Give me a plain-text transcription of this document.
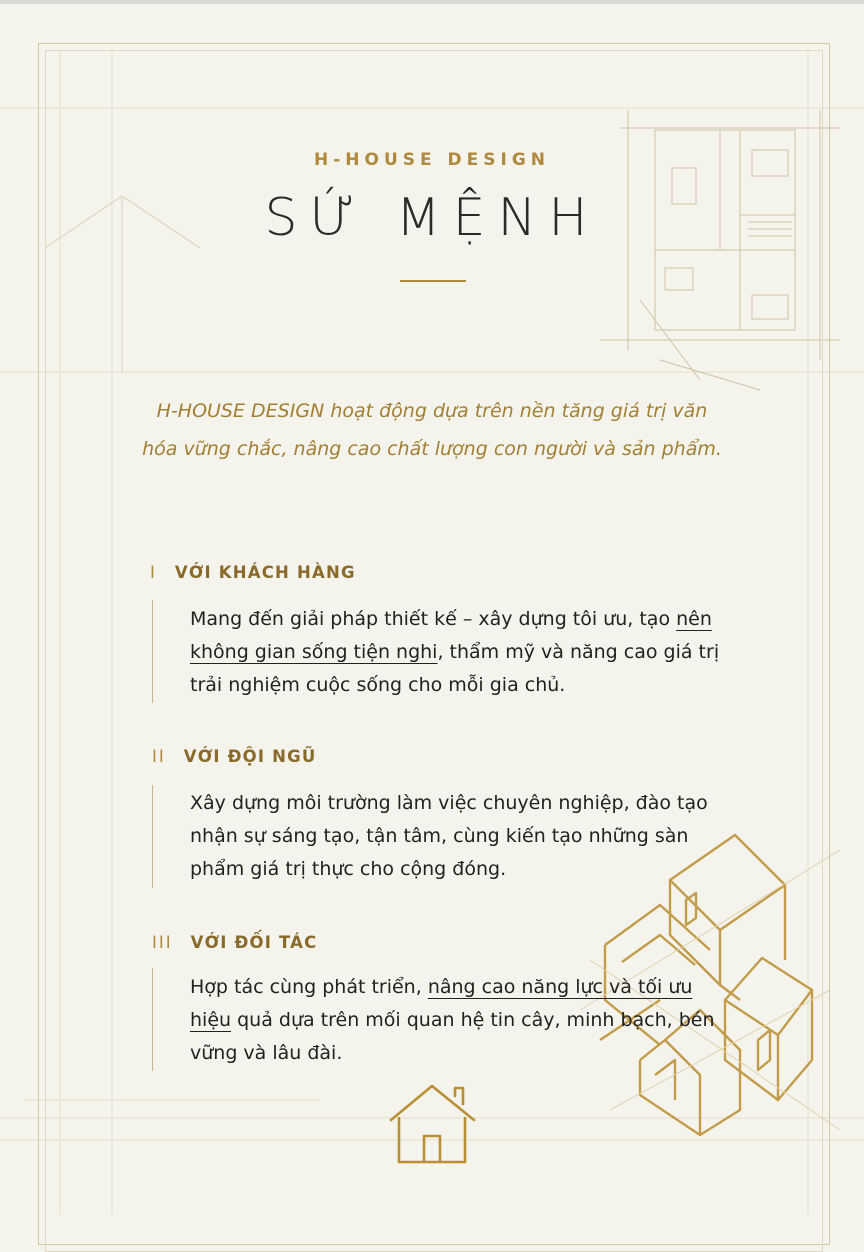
H-HOUSE DESIGN
SỨ MỆNH
H-HOUSE DESIGN hoạt động dựa trên nền tăng giá trị văn hóa vững chắc, nâng cao chất lượng con người và sản phẩm.
I VỚI KHÁCH HÀNG
Mang đến giải pháp thiết kế – xây dựng tôi ưu, tạo nên
không gian sống tiện nghi, thẩm mỹ và năng cao giá trị
trải nghiệm cuộc sống cho mỗi gia chủ.
II VỚI ĐỘI NGŨ
Xây dựng môi trường làm việc chuyên nghiệp, đào tạo
nhận sự sáng tạo, tận tâm, cùng kiến tạo những sàn
phẩm giá trị thực cho cộng đóng.
III VỚI ĐỐI TÁC
Hợp tác cùng phát triển, nâng cao năng lực và tối ưu
hiệu quả dựa trên mối quan hệ tin cây, minh bạch, bén
vững và lâu đài.
